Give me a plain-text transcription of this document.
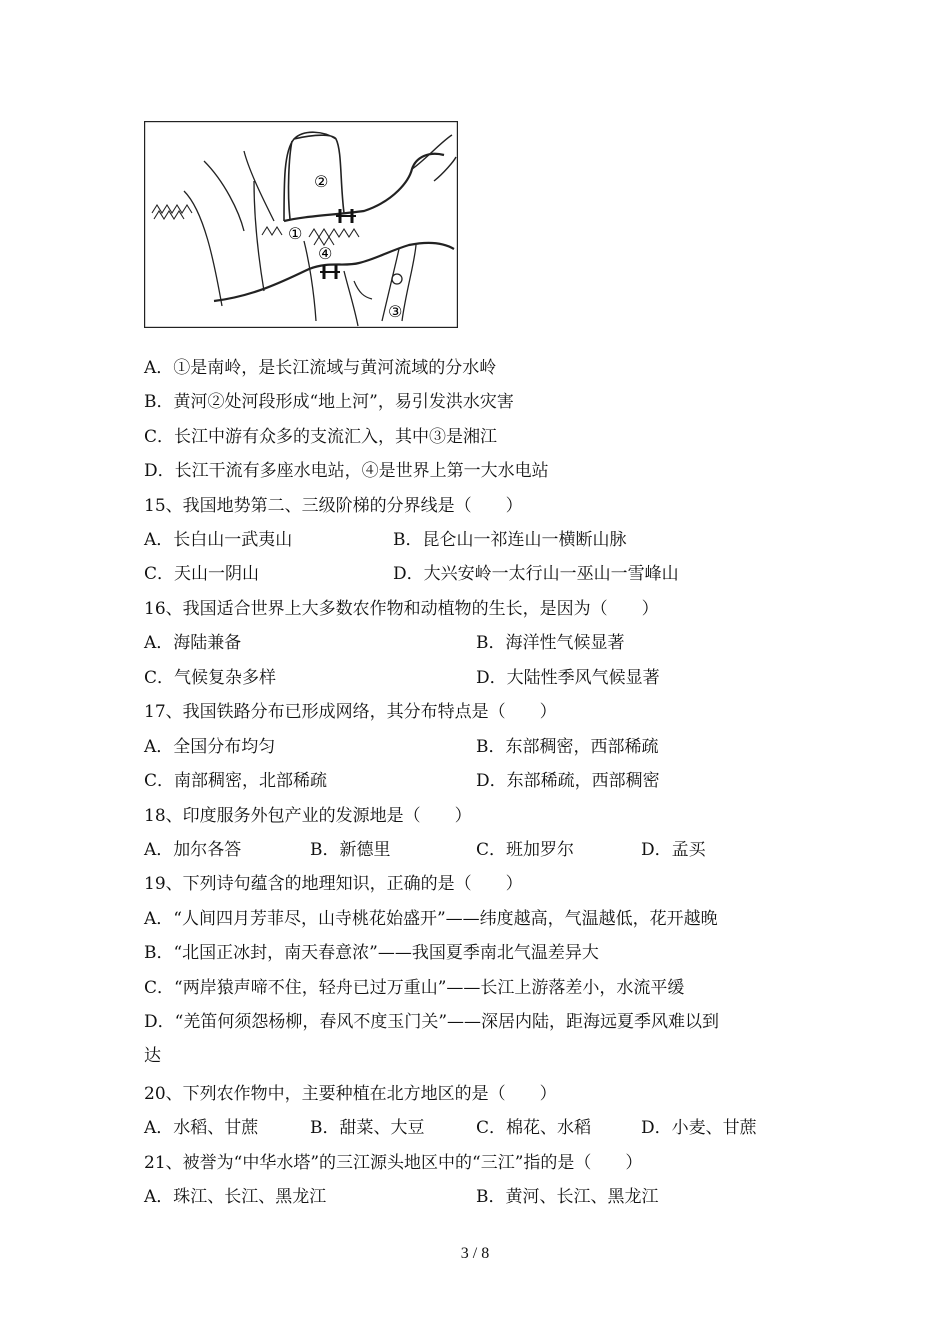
②
①
④
③
A．①是南岭，是长江流域与黄河流域的分水岭
B．黄河②处河段形成“地上河”，易引发洪水灾害
C．长江中游有众多的支流汇入，其中③是湘江
D．长江干流有多座水电站，④是世界上第一大水电站
15、我国地势第二、三级阶梯的分界线是（　　）
A．长白山一武夷山	B．昆仑山一祁连山一横断山脉
C．天山一阴山	D．大兴安岭一太行山一巫山一雪峰山
16、我国适合世界上大多数农作物和动植物的生长，是因为（　　）
A．海陆兼备	B．海洋性气候显著
C．气候复杂多样	D．大陆性季风气候显著
17、我国铁路分布已形成网络，其分布特点是（　　）
A．全国分布均匀	B．东部稠密，西部稀疏
C．南部稠密，北部稀疏	D．东部稀疏，西部稠密
18、印度服务外包产业的发源地是（　　）
A．加尔各答	B．新德里	C．班加罗尔	D．孟买
19、下列诗句蕴含的地理知识，正确的是（　　）
A．“人间四月芳菲尽，山寺桃花始盛开”——纬度越高，气温越低，花开越晚
B．“北国正冰封，南天春意浓”——我国夏季南北气温差异大
C．“两岸猿声啼不住，轻舟已过万重山”——长江上游落差小，水流平缓
D．“羌笛何须怨杨柳，春风不度玉门关”——深居内陆，距海远夏季风难以到
达
20、下列农作物中，主要种植在北方地区的是（　　）
A．水稻、甘蔗	B．甜菜、大豆	C．棉花、水稻	D．小麦、甘蔗
21、被誉为“中华水塔”的三江源头地区中的“三江”指的是（　　）
A．珠江、长江、黑龙江	B．黄河、长江、黑龙江
3 / 8
